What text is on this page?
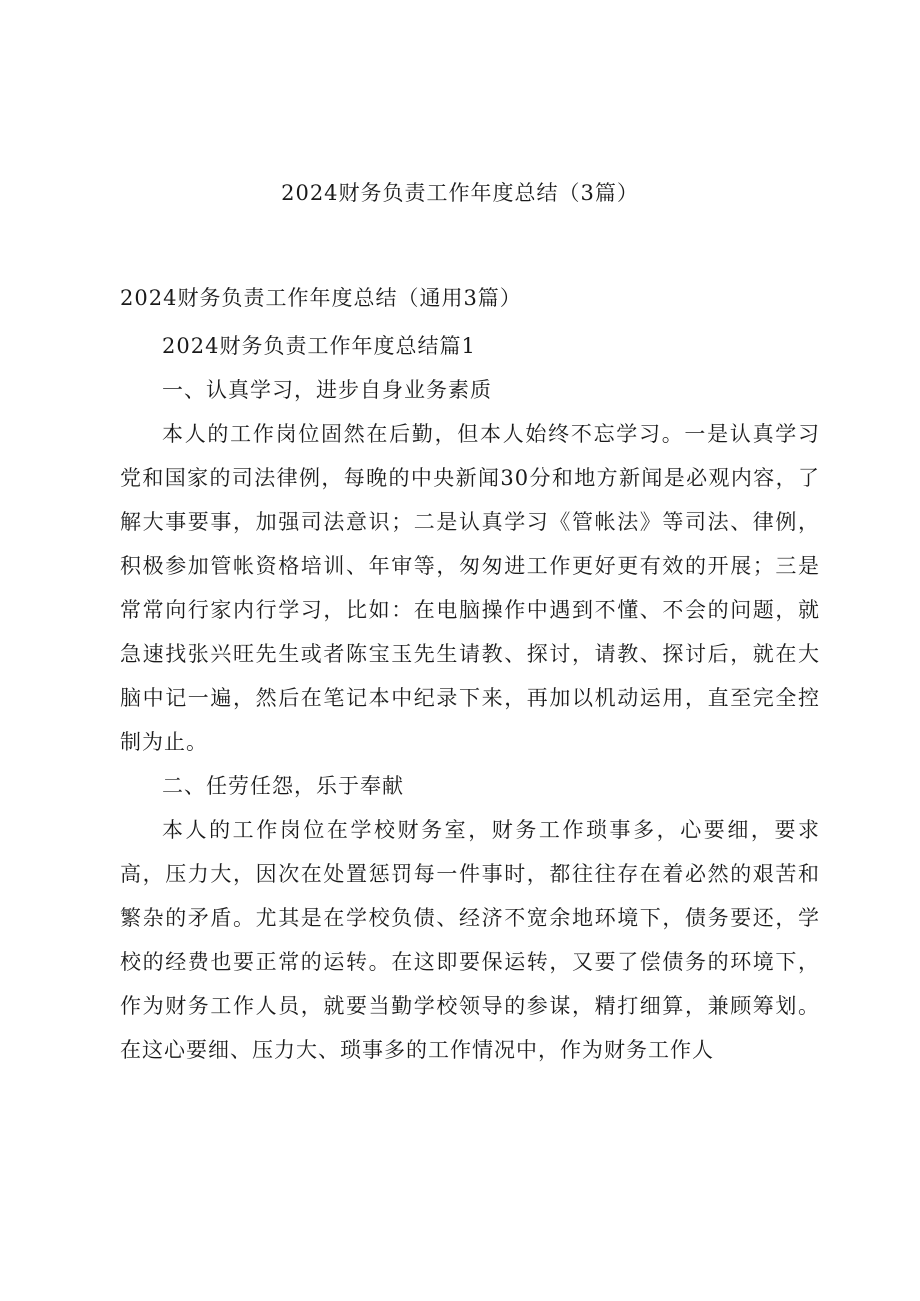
2024财务负责工作年度总结（3篇）
2024财务负责工作年度总结（通用3篇）

2024财务负责工作年度总结篇1

一、认真学习，进步自身业务素质

本人的工作岗位固然在后勤，但本人始终不忘学习。一是认真学习党和国家的司法律例，每晚的中央新闻30分和地方新闻是必观内容，了解大事要事，加强司法意识；二是认真学习《管帐法》等司法、律例，积极参加管帐资格培训、年审等，匆匆进工作更好更有效的开展；三是常常向行家内行学习，比如：在电脑操作中遇到不懂、不会的问题，就急速找张兴旺先生或者陈宝玉先生请教、探讨，请教、探讨后，就在大脑中记一遍，然后在笔记本中纪录下来，再加以机动运用，直至完全控制为止。

二、任劳任怨，乐于奉献

本人的工作岗位在学校财务室，财务工作琐事多，心要细，要求高，压力大，因次在处置惩罚每一件事时，都往往存在着必然的艰苦和繁杂的矛盾。尤其是在学校负债、经济不宽余地环境下，债务要还，学校的经费也要正常的运转。在这即要保运转，又要了偿债务的环境下，作为财务工作人员，就要当勤学校领导的参谋，精打细算，兼顾筹划。在这心要细、压力大、琐事多的工作情况中，作为财务工作人
